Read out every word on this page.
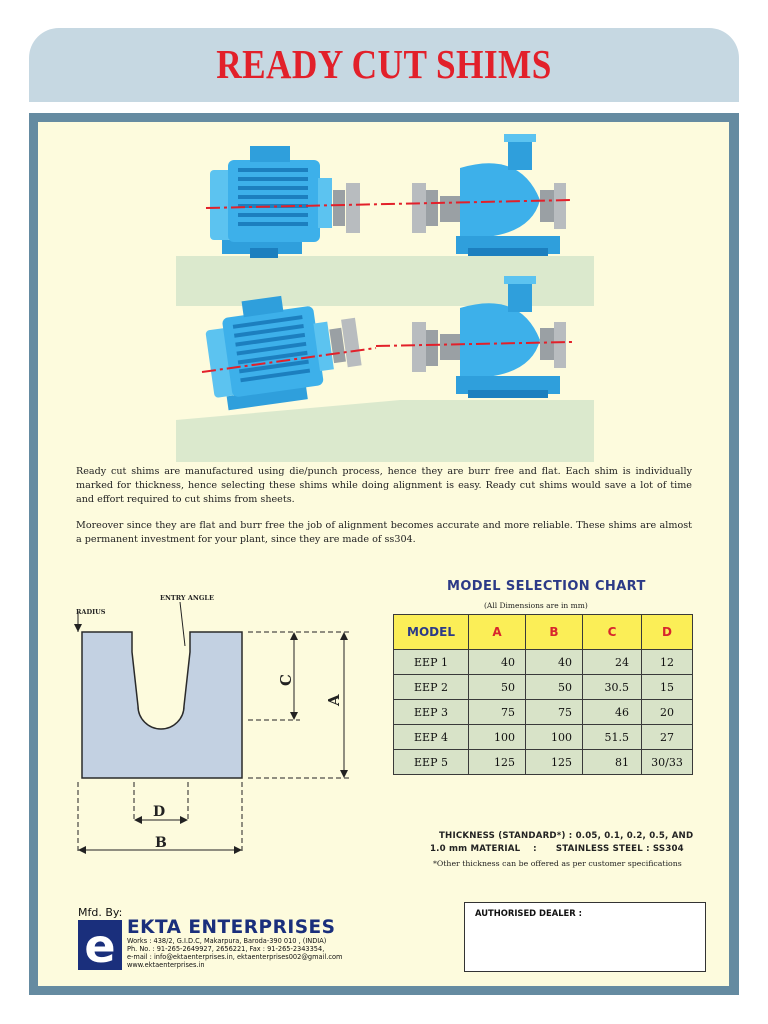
READY CUT SHIMS
Ready cut shims are manufactured using die/punch process, hence they are burr free and flat. Each shim is individually marked for thickness, hence selecting these shims while doing alignment is easy. Ready cut shims would save a lot of time and effort required to cut shims from sheets.
Moreover since they are flat and burr free the job of alignment becomes accurate and more reliable. These shims are almost a permanent investment for your plant, since they are made of ss304.
RADIUS
ENTRY ANGLE
C
A
D
B
MODEL SELECTION CHART
(All Dimensions are in mm)
MODEL	A	B	C	D
EEP 1	40	40	24	12
EEP 2	50	50	30.5	15
EEP 3	75	75	46	20
EEP 4	100	100	51.5	27
EEP 5	125	125	81	30/33
THICKNESS (STANDARD*) : 0.05, 0.1, 0.2, 0.5, AND
1.0 mm MATERIAL    :      STAINLESS STEEL : SS304
*Other thickness can be offered as per customer specifications
Mfd. By:
e EKTA ENTERPRISES
Works : 438/2, G.I.D.C, Makarpura, Baroda-390 010 , (INDIA)
Ph. No. : 91-265-2649927, 2656221, Fax : 91-265-2343354,
e-mail : info@ektaenterprises.in, ektaenterprises002@gmail.com
www.ektaenterprises.in
AUTHORISED DEALER :
